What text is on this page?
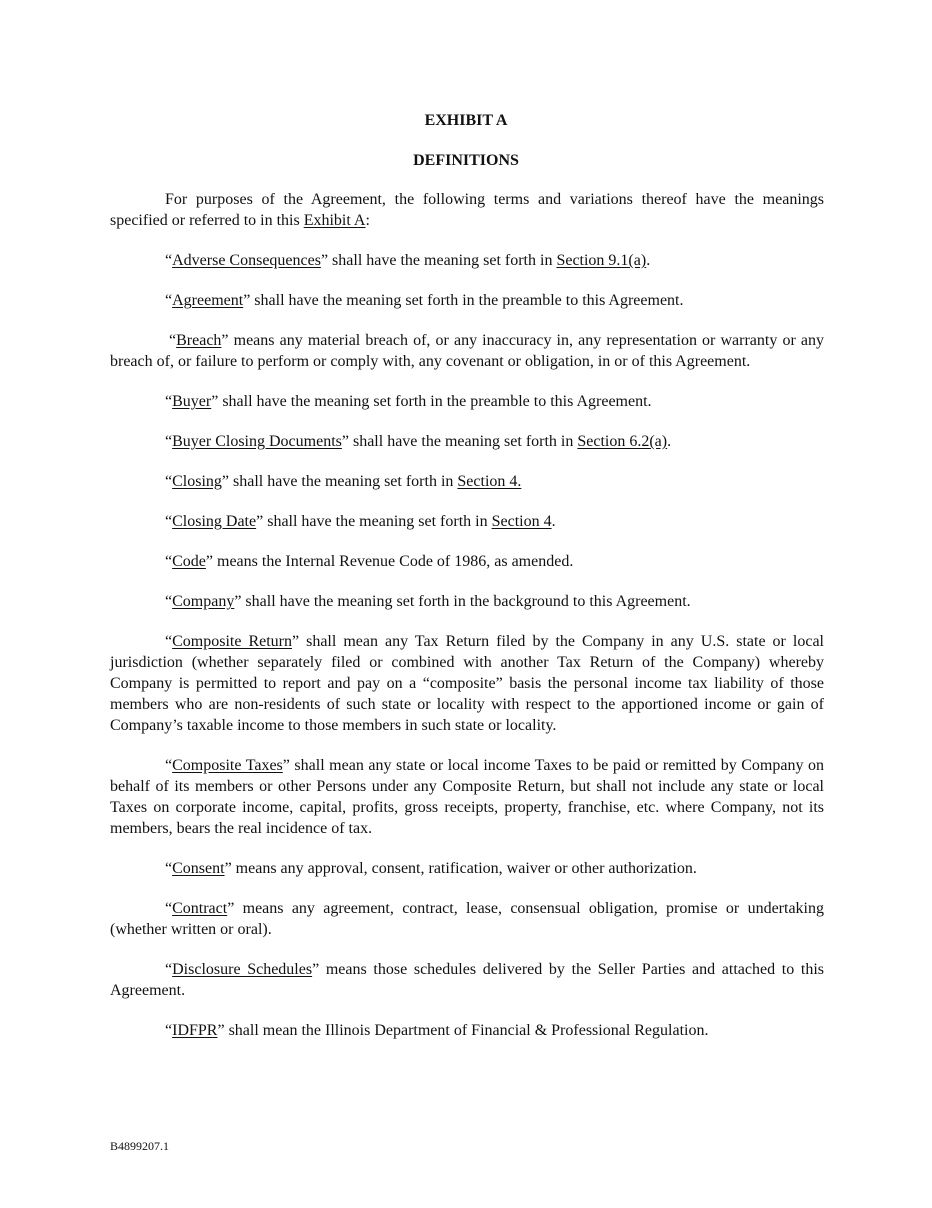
EXHIBIT A
DEFINITIONS

For purposes of the Agreement, the following terms and variations thereof have the meanings specified or referred to in this Exhibit A:

“Adverse Consequences” shall have the meaning set forth in Section 9.1(a).

“Agreement” shall have the meaning set forth in the preamble to this Agreement.

“Breach” means any material breach of, or any inaccuracy in, any representation or warranty or any breach of, or failure to perform or comply with, any covenant or obligation, in or of this Agreement.

“Buyer” shall have the meaning set forth in the preamble to this Agreement.

“Buyer Closing Documents” shall have the meaning set forth in Section 6.2(a).

“Closing” shall have the meaning set forth in Section 4.

“Closing Date” shall have the meaning set forth in Section 4.

“Code” means the Internal Revenue Code of 1986, as amended.

“Company” shall have the meaning set forth in the background to this Agreement.

“Composite Return” shall mean any Tax Return filed by the Company in any U.S. state or local jurisdiction (whether separately filed or combined with another Tax Return of the Company) whereby Company is permitted to report and pay on a “composite” basis the personal income tax liability of those members who are non-residents of such state or locality with respect to the apportioned income or gain of Company’s taxable income to those members in such state or locality.

“Composite Taxes” shall mean any state or local income Taxes to be paid or remitted by Company on behalf of its members or other Persons under any Composite Return, but shall not include any state or local Taxes on corporate income, capital, profits, gross receipts, property, franchise, etc. where Company, not its members, bears the real incidence of tax.

“Consent” means any approval, consent, ratification, waiver or other authorization.

“Contract” means any agreement, contract, lease, consensual obligation, promise or undertaking (whether written or oral).

“Disclosure Schedules” means those schedules delivered by the Seller Parties and attached to this Agreement.

“IDFPR” shall mean the Illinois Department of Financial & Professional Regulation.

B4899207.1
